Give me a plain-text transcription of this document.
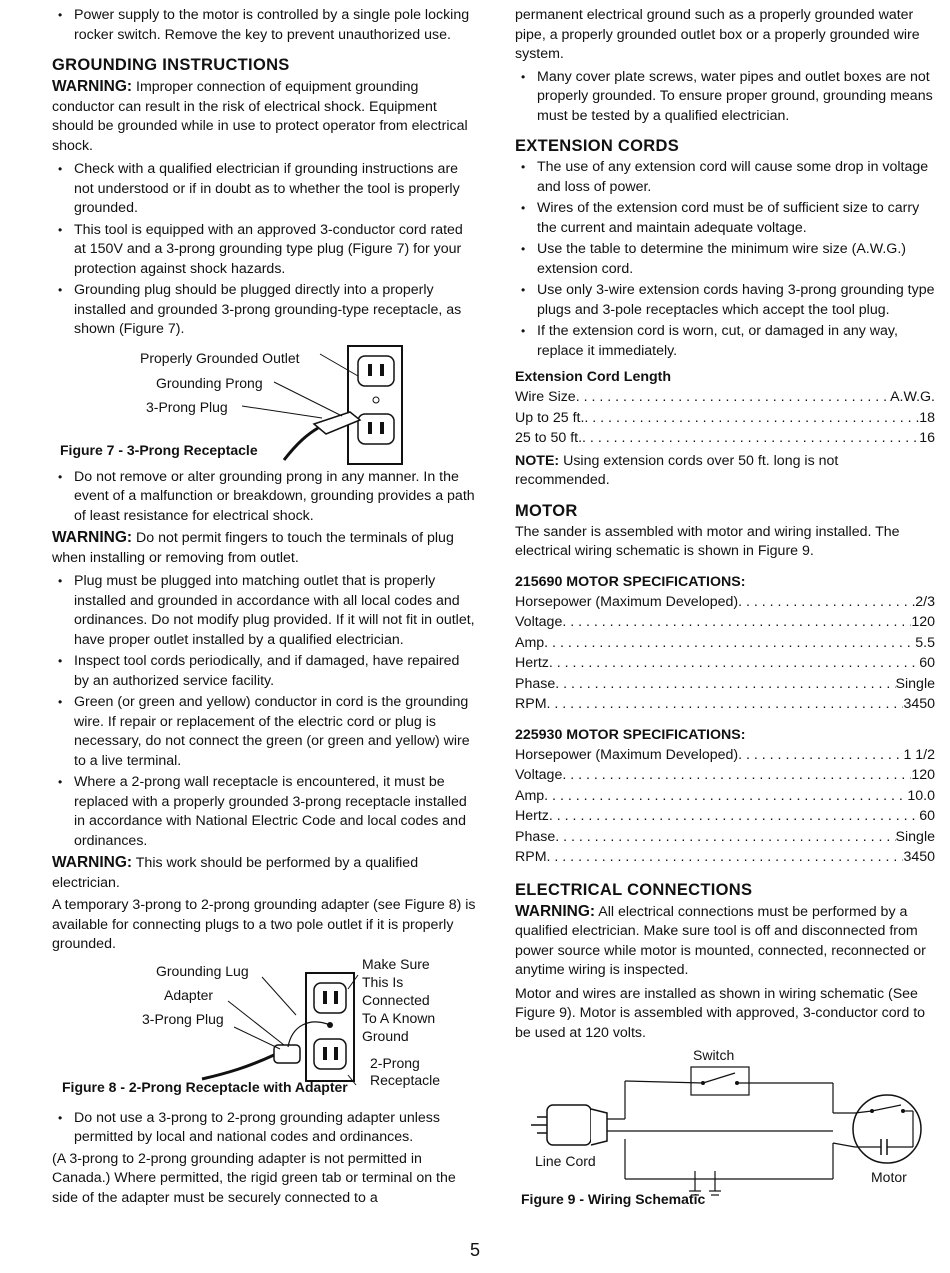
• Power supply to the motor is controlled by a single pole locking rocker switch. Remove the key to prevent unauthorized use.
GROUNDING INSTRUCTIONS

WARNING: Improper connection of equipment grounding conductor can result in the risk of electrical shock. Equipment should be grounded while in use to protect operator from electrical shock.

• Check with a qualified electrician if grounding instructions are not understood or if in doubt as to whether the tool is properly grounded.
• This tool is equipped with an approved 3-conductor cord rated at 150V and a 3-prong grounding type plug (Figure 7) for your protection against shock hazards.
• Grounding plug should be plugged directly into a properly installed and grounded 3-prong grounding-type receptacle, as shown (Figure 7).
Properly Grounded Outlet
Grounding Prong
3-Prong Plug
Figure 7 - 3-Prong Receptacle
• Do not remove or alter grounding prong in any manner. In the event of a malfunction or breakdown, grounding provides a path of least resistance for electrical shock.

WARNING: Do not permit fingers to touch the terminals of plug when installing or removing from outlet.

• Plug must be plugged into matching outlet that is properly installed and grounded in accordance with all local codes and ordinances. Do not modify plug provided. If it will not fit in outlet, have proper outlet installed by a qualified electrician.
• Inspect tool cords periodically, and if damaged, have repaired by an authorized service facility.
• Green (or green and yellow) conductor in cord is the grounding wire. If repair or replacement of the electric cord or plug is necessary, do not connect the green (or green and yellow) wire to a live terminal.
• Where a 2-prong wall receptacle is encountered, it must be replaced with a properly grounded 3-prong receptacle installed in accordance with National Electric Code and local codes and ordinances.

WARNING: This work should be performed by a qualified electrician.

A temporary 3-prong to 2-prong grounding adapter (see Figure 8) is available for connecting plugs to a two pole outlet if it is properly grounded.

Grounding Lug
Adapter
3-Prong Plug
Make Sure This Is Connected To A Known Ground
2-Prong Receptacle
Figure 8 - 2-Prong Receptacle with Adapter
• Do not use a 3-prong to 2-prong grounding adapter unless permitted by local and national codes and ordinances.

(A 3-prong to 2-prong grounding adapter is not permitted in Canada.) Where permitted, the rigid green tab or terminal on the side of the adapter must be securely connected to a

permanent electrical ground such as a properly grounded water pipe, a properly grounded outlet box or a properly grounded wire system.

• Many cover plate screws, water pipes and outlet boxes are not properly grounded. To ensure proper ground, grounding means must be tested by a qualified electrician.
EXTENSION CORDS
• The use of any extension cord will cause some drop in voltage and loss of power.
• Wires of the extension cord must be of sufficient size to carry the current and maintain adequate voltage.
• Use the table to determine the minimum wire size (A.W.G.) extension cord.
• Use only 3-wire extension cords having 3-prong grounding type plugs and 3-pole receptacles which accept the tool plug.
• If the extension cord is worn, cut, or damaged in any way, replace it immediately.
Extension Cord Length
Wire Size . . .	A.W.G.
Up to 25 ft. . . .	18
25 to 50 ft. . . .	16

NOTE: Using extension cords over 50 ft. long is not recommended.

MOTOR

The sander is assembled with motor and wiring installed. The electrical wiring schematic is shown in Figure 9.

215690 MOTOR SPECIFICATIONS:
Horsepower (Maximum Developed) . . .	2/3
Voltage . . .	120
Amp . . .	5.5
Hertz . . .	60
Phase . . .	Single
RPM . . .	3450
225930 MOTOR SPECIFICATIONS:
Horsepower (Maximum Developed) . . .	1 1/2
Voltage . . .	120
Amp . . .	10.0
Hertz . . .	60
Phase . . .	Single
RPM . . .	3450
ELECTRICAL CONNECTIONS

WARNING: All electrical connections must be performed by a qualified electrician. Make sure tool is off and disconnected from power source while motor is mounted, connected, reconnected or anytime wiring is inspected.

Motor and wires are installed as shown in wiring schematic (See Figure 9). Motor is assembled with approved, 3-conductor cord to be used at 120 volts.

Switch
Line Cord
Motor
Figure 9 - Wiring Schematic
5
